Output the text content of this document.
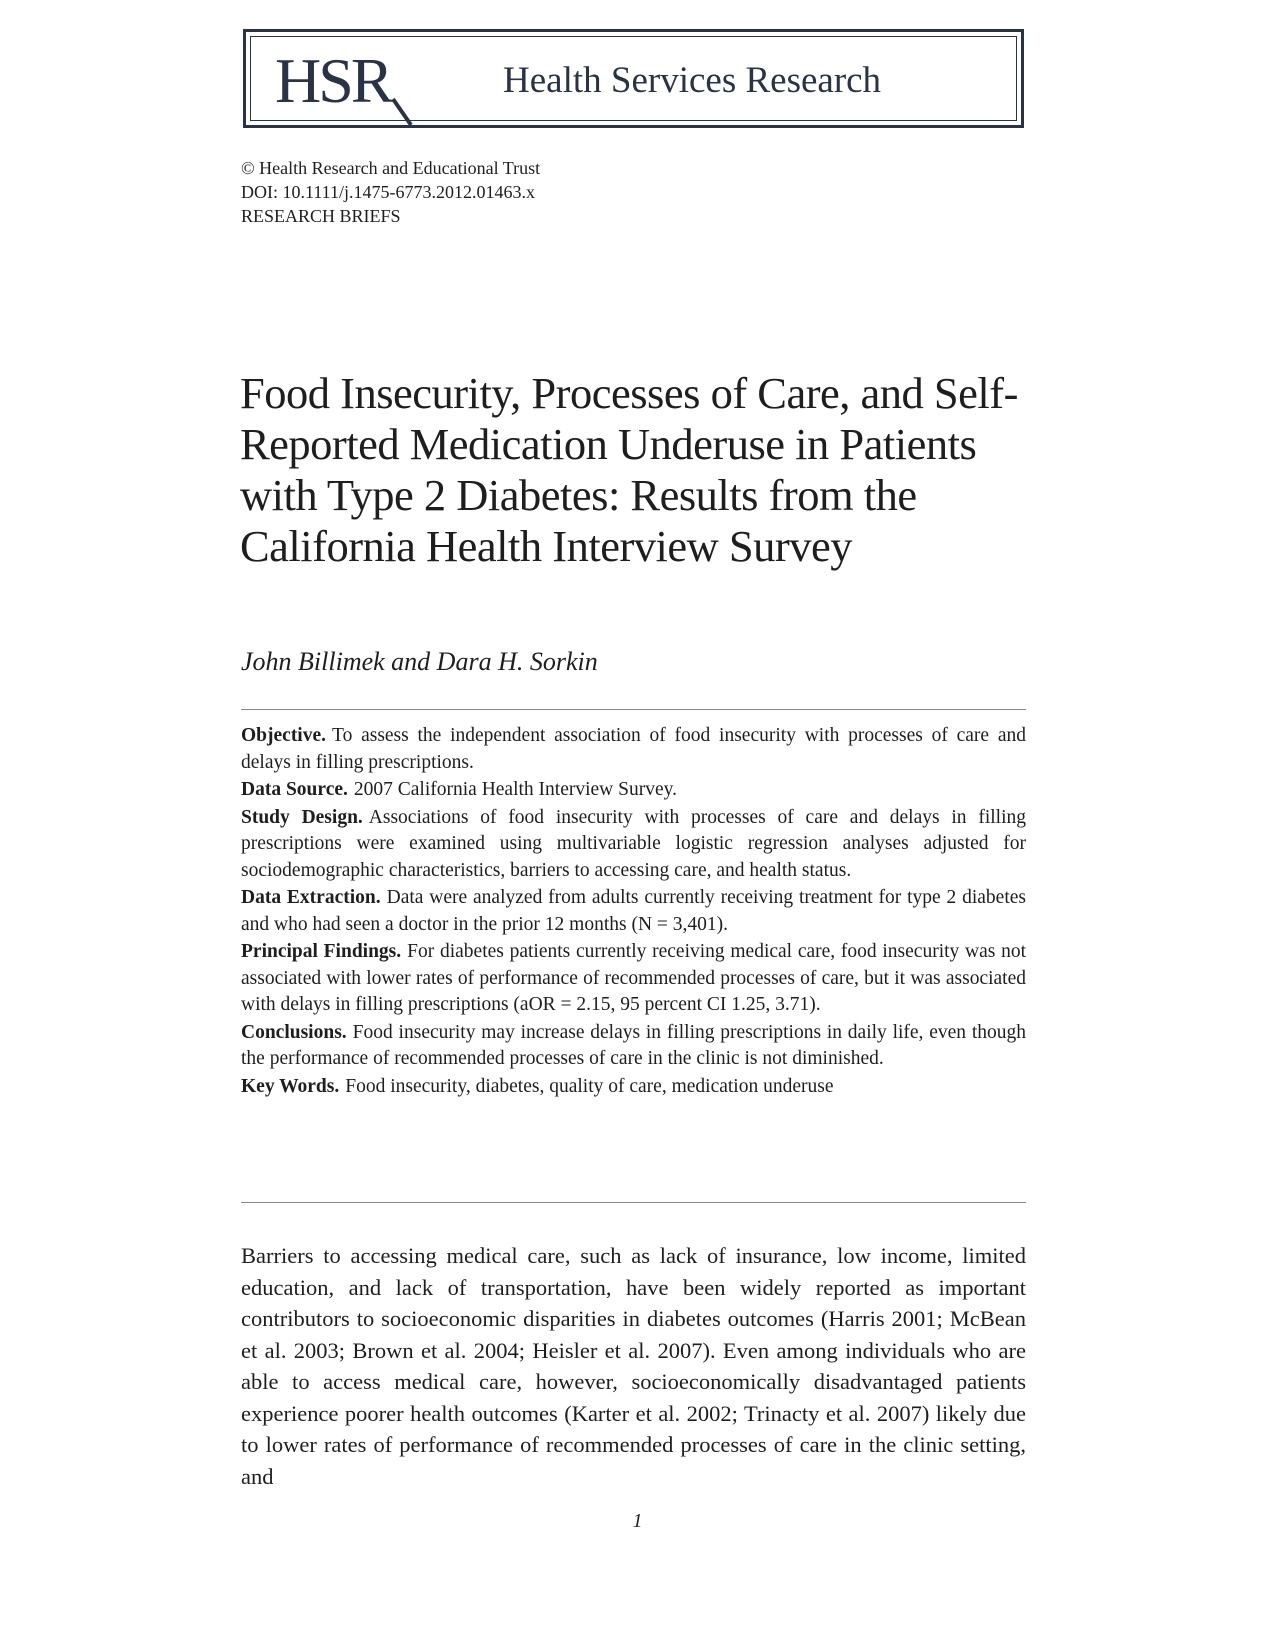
HSR	Health Services Research
© Health Research and Educational Trust
DOI: 10.1111/j.1475-6773.2012.01463.x
RESEARCH BRIEFS
Food Insecurity, Processes of Care, and Self-Reported Medication Underuse in Patients with Type 2 Diabetes: Results from the California Health Interview Survey
John Billimek and Dara H. Sorkin

Objective. To assess the independent association of food insecurity with processes of care and delays in filling prescriptions.

Data Source. 2007 California Health Interview Survey.

Study Design. Associations of food insecurity with processes of care and delays in filling prescriptions were examined using multivariable logistic regression analyses adjusted for sociodemographic characteristics, barriers to accessing care, and health status.

Data Extraction. Data were analyzed from adults currently receiving treatment for type 2 diabetes and who had seen a doctor in the prior 12 months (N = 3,401).

Principal Findings. For diabetes patients currently receiving medical care, food insecurity was not associated with lower rates of performance of recommended processes of care, but it was associated with delays in filling prescriptions (aOR = 2.15, 95 percent CI 1.25, 3.71).

Conclusions. Food insecurity may increase delays in filling prescriptions in daily life, even though the performance of recommended processes of care in the clinic is not diminished.

Key Words. Food insecurity, diabetes, quality of care, medication underuse

Barriers to accessing medical care, such as lack of insurance, low income, limited education, and lack of transportation, have been widely reported as important contributors to socioeconomic disparities in diabetes outcomes (Harris 2001; McBean et al. 2003; Brown et al. 2004; Heisler et al. 2007). Even among individuals who are able to access medical care, however, socioeconomically disadvantaged patients experience poorer health outcomes (Karter et al. 2002; Trinacty et al. 2007) likely due to lower rates of performance of recommended processes of care in the clinic setting, and

1
